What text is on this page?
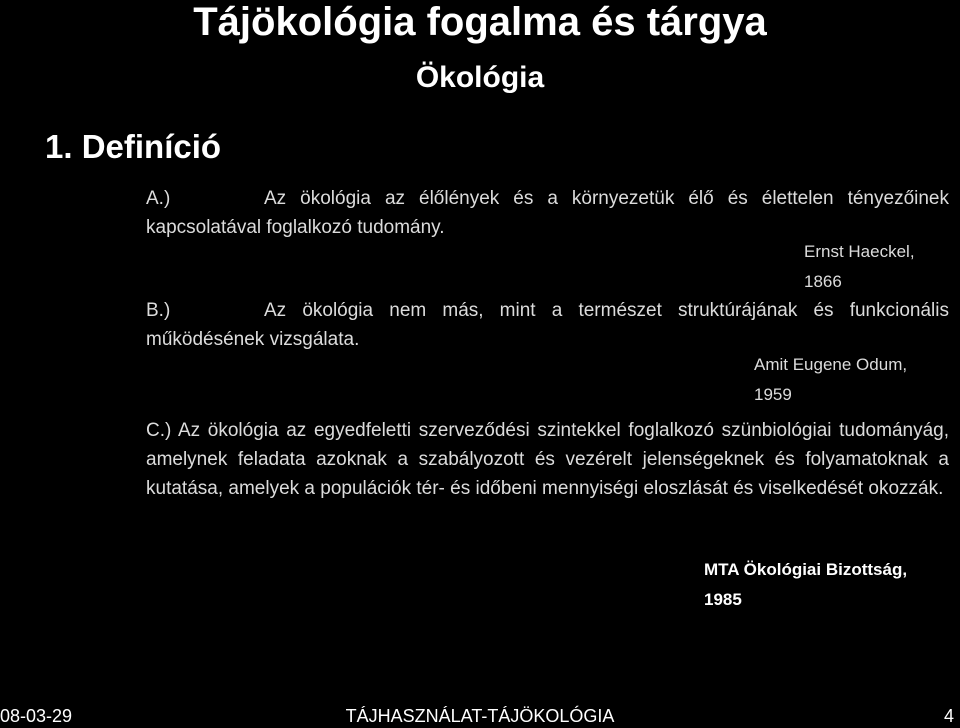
Tájökológia fogalma és tárgya
Ökológia
1. Definíció

A.)	Az ökológia az élőlények és a környezetük élő és élettelen tényezőinek kapcsolatával foglalkozó tudomány.

Ernst Haeckel,
1866

B.)	Az ökológia nem más, mint a természet struktúrájának és funkcionális működésének vizsgálata.

Amit Eugene Odum,
1959

C.) Az ökológia az egyedfeletti szerveződési szintekkel foglalkozó szünbiológiai tudományág, amelynek feladata azoknak a szabályozott és vezérelt jelenségeknek és folyamatoknak a kutatása, amelyek a populációk tér- és időbeni mennyiségi eloszlását és viselkedését okozzák.

MTA Ökológiai Bizottság,
1985
08-03-29	TÁJHASZNÁLAT-TÁJÖKOLÓGIA	4
